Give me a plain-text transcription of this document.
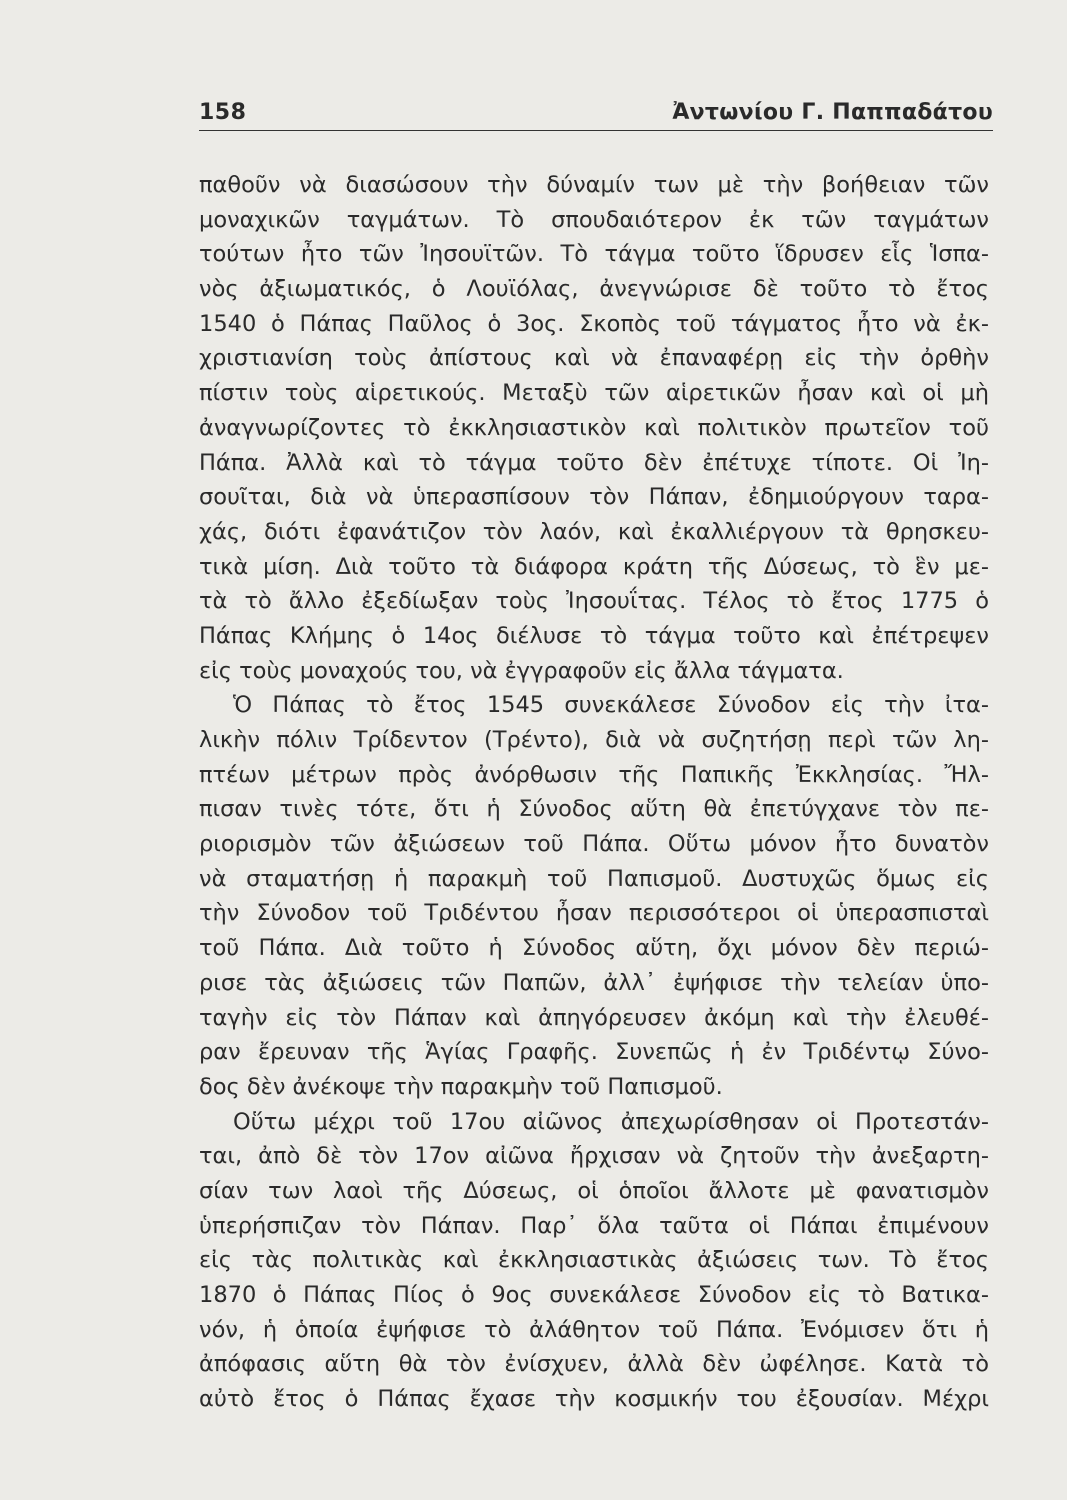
158	Ἀντωνίου Γ. Παππαδάτου
παθοῦν νὰ διασώσουν τὴν δύναμίν των μὲ τὴν βοήθειαν τῶν
μοναχικῶν ταγμάτων. Τὸ σπουδαιότερον ἐκ τῶν ταγμάτων
τούτων ἦτο τῶν Ἰησουϊτῶν. Τὸ τάγμα τοῦτο ἵδρυσεν εἷς Ἱσπα-
νὸς ἀξιωματικός, ὁ Λουϊόλας, ἀνεγνώρισε δὲ τοῦτο τὸ ἔτος
1540 ὁ Πάπας Παῦλος ὁ 3ος. Σκοπὸς τοῦ τάγματος ἦτο νὰ ἐκ-
χριστιανίση τοὺς ἀπίστους καὶ νὰ ἐπαναφέρῃ εἰς τὴν ὀρθὴν
πίστιν τοὺς αἱρετικούς. Μεταξὺ τῶν αἱρετικῶν ἦσαν καὶ οἱ μὴ
ἀναγνωρίζοντες τὸ ἐκκλησιαστικὸν καὶ πολιτικὸν πρωτεῖον τοῦ
Πάπα. Ἀλλὰ καὶ τὸ τάγμα τοῦτο δὲν ἐπέτυχε τίποτε. Οἱ Ἰη-
σουῖται, διὰ νὰ ὑπερασπίσουν τὸν Πάπαν, ἐδημιούργουν ταρα-
χάς, διότι ἐφανάτιζον τὸν λαόν, καὶ ἐκαλλιέργουν τὰ θρησκευ-
τικὰ μίση. Διὰ τοῦτο τὰ διάφορα κράτη τῆς Δύσεως, τὸ ἓν με-
τὰ τὸ ἄλλο ἐξεδίωξαν τοὺς Ἰησουΐτας. Τέλος τὸ ἔτος 1775 ὁ
Πάπας Κλήμης ὁ 14ος διέλυσε τὸ τάγμα τοῦτο καὶ ἐπέτρεψεν
εἰς τοὺς μοναχούς του, νὰ ἐγγραφοῦν εἰς ἄλλα τάγματα.
Ὁ Πάπας τὸ ἔτος 1545 συνεκάλεσε Σύνοδον εἰς τὴν ἰτα-
λικὴν πόλιν Τρίδεντον (Τρέντο), διὰ νὰ συζητήσῃ περὶ τῶν λη-
πτέων μέτρων πρὸς ἀνόρθωσιν τῆς Παπικῆς Ἐκκλησίας. Ἤλ-
πισαν τινὲς τότε, ὅτι ἡ Σύνοδος αὕτη θὰ ἐπετύγχανε τὸν πε-
ριορισμὸν τῶν ἀξιώσεων τοῦ Πάπα. Οὕτω μόνον ἦτο δυνατὸν
νὰ σταματήσῃ ἡ παρακμὴ τοῦ Παπισμοῦ. Δυστυχῶς ὅμως εἰς
τὴν Σύνοδον τοῦ Τριδέντου ἦσαν περισσότεροι οἱ ὑπερασπισταὶ
τοῦ Πάπα. Διὰ τοῦτο ἡ Σύνοδος αὕτη, ὄχι μόνον δὲν περιώ-
ρισε τὰς ἀξιώσεις τῶν Παπῶν, ἀλλ᾽ ἐψήφισε τὴν τελείαν ὑπο-
ταγὴν εἰς τὸν Πάπαν καὶ ἀπηγόρευσεν ἀκόμη καὶ τὴν ἐλευθέ-
ραν ἔρευναν τῆς Ἁγίας Γραφῆς. Συνεπῶς ἡ ἐν Τριδέντῳ Σύνο-
δος δὲν ἀνέκοψε τὴν παρακμὴν τοῦ Παπισμοῦ.
Οὕτω μέχρι τοῦ 17ου αἰῶνος ἀπεχωρίσθησαν οἱ Προτεστάν-
ται, ἀπὸ δὲ τὸν 17ον αἰῶνα ἤρχισαν νὰ ζητοῦν τὴν ἀνεξαρτη-
σίαν των λαοὶ τῆς Δύσεως, οἱ ὁποῖοι ἄλλοτε μὲ φανατισμὸν
ὑπερήσπιζαν τὸν Πάπαν. Παρ᾽ ὅλα ταῦτα οἱ Πάπαι ἐπιμένουν
εἰς τὰς πολιτικὰς καὶ ἐκκλησιαστικὰς ἀξιώσεις των. Τὸ ἔτος
1870 ὁ Πάπας Πίος ὁ 9ος συνεκάλεσε Σύνοδον εἰς τὸ Βατικα-
νόν, ἡ ὁποία ἐψήφισε τὸ ἀλάθητον τοῦ Πάπα. Ἐνόμισεν ὅτι ἡ
ἀπόφασις αὕτη θὰ τὸν ἐνίσχυεν, ἀλλὰ δὲν ὠφέλησε. Κατὰ τὸ
αὐτὸ ἔτος ὁ Πάπας ἔχασε τὴν κοσμικήν του ἐξουσίαν. Μέχρι
